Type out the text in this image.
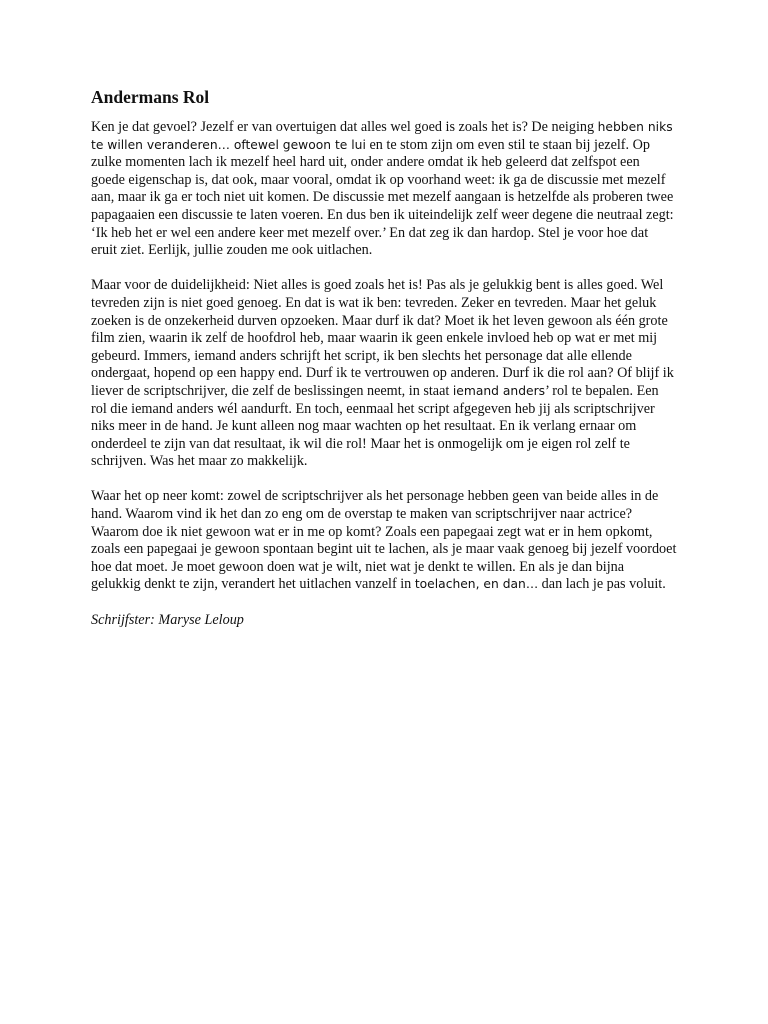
Andermans Rol

Ken je dat gevoel? Jezelf er van overtuigen dat alles wel goed is zoals het is? De neiging hebben niks te willen veranderen… oftewel gewoon te lui en te stom zijn om even stil te staan bij jezelf. Op zulke momenten lach ik mezelf heel hard uit, onder andere omdat ik heb geleerd dat zelfspot een goede eigenschap is, dat ook, maar vooral, omdat ik op voorhand weet: ik ga de discussie met mezelf aan, maar ik ga er toch niet uit komen. De discussie met mezelf aangaan is hetzelfde als proberen twee papagaaien een discussie te laten voeren. En dus ben ik uiteindelijk zelf weer degene die neutraal zegt: ‘Ik heb het er wel een andere keer met mezelf over.’ En dat zeg ik dan hardop. Stel je voor hoe dat eruit ziet. Eerlijk, jullie zouden me ook uitlachen.

Maar voor de duidelijkheid: Niet alles is goed zoals het is! Pas als je gelukkig bent is alles goed. Wel tevreden zijn is niet goed genoeg. En dat is wat ik ben: tevreden. Zeker en tevreden. Maar het geluk zoeken is de onzekerheid durven opzoeken. Maar durf ik dat? Moet ik het leven gewoon als één grote film zien, waarin ik zelf de hoofdrol heb, maar waarin ik geen enkele invloed heb op wat er met mij gebeurd. Immers, iemand anders schrijft het script, ik ben slechts het personage dat alle ellende ondergaat, hopend op een happy end. Durf ik te vertrouwen op anderen. Durf ik die rol aan? Of blijf ik liever de scriptschrijver, die zelf de beslissingen neemt, in staat iemand anders’ rol te bepalen. Een rol die iemand anders wél aandurft. En toch, eenmaal het script afgegeven heb jij als scriptschrijver niks meer in de hand. Je kunt alleen nog maar wachten op het resultaat. En ik verlang ernaar om onderdeel te zijn van dat resultaat, ik wil die rol! Maar het is onmogelijk om je eigen rol zelf te schrijven. Was het maar zo makkelijk.

Waar het op neer komt: zowel de scriptschrijver als het personage hebben geen van beide alles in de hand. Waarom vind ik het dan zo eng om de overstap te maken van scriptschrijver naar actrice? Waarom doe ik niet gewoon wat er in me op komt? Zoals een papegaai zegt wat er in hem opkomt, zoals een papegaai je gewoon spontaan begint uit te lachen, als je maar vaak genoeg bij jezelf voordoet hoe dat moet. Je moet gewoon doen wat je wilt, niet wat je denkt te willen. En als je dan bijna gelukkig denkt te zijn, verandert het uitlachen vanzelf in toelachen, en dan… dan lach je pas voluit.

Schrijfster: Maryse Leloup
